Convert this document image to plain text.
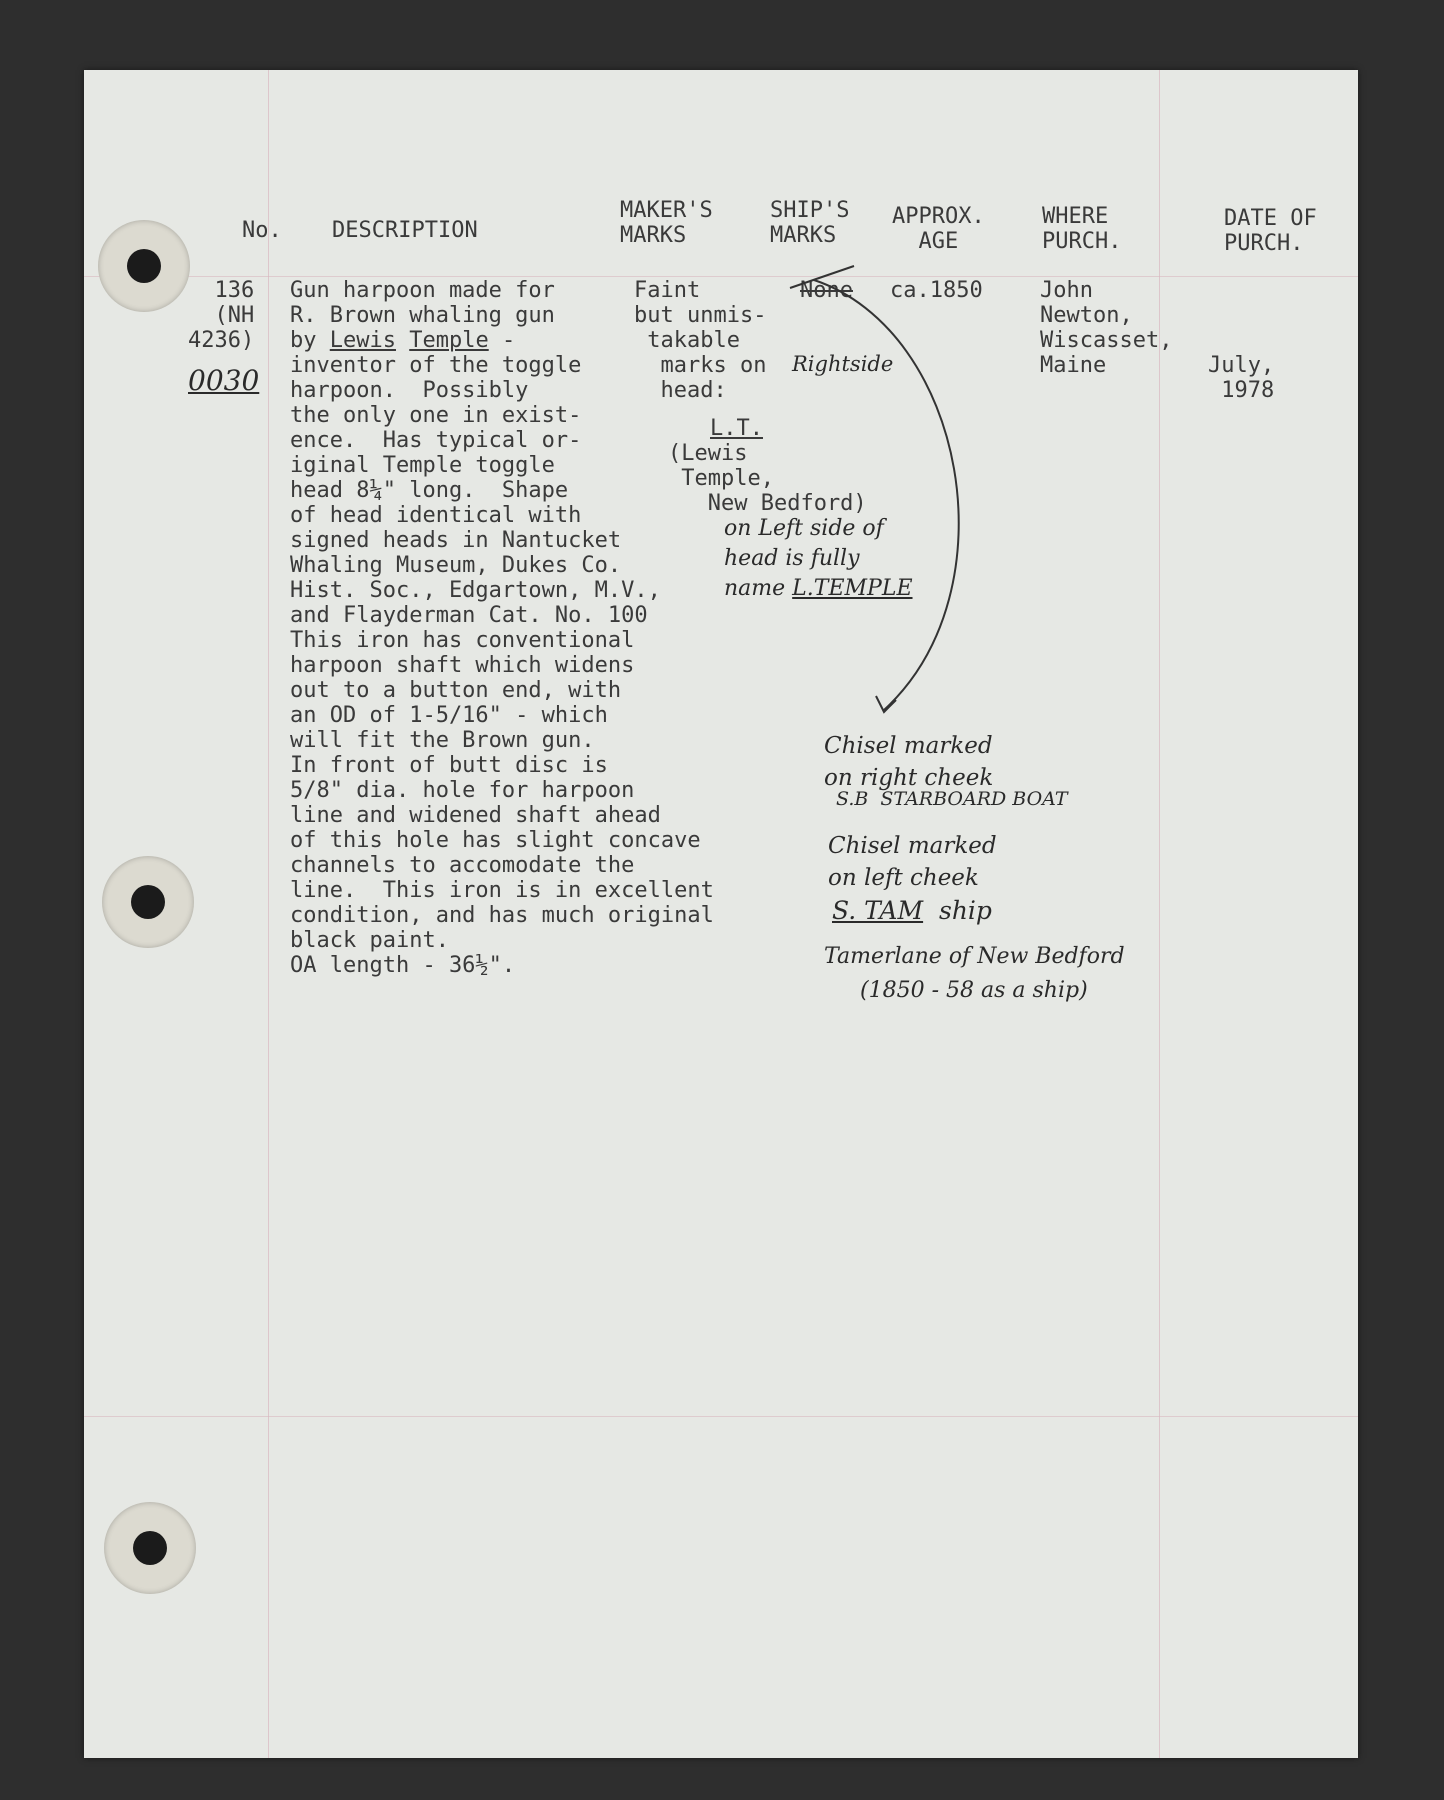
No. DESCRIPTION
MAKER'S
MARKS
SHIP'S
MARKS
APPROX.
AGE
WHERE
PURCH.
DATE OF
PURCH.
136
(NH
4236)
0030
Gun harpoon made for
R. Brown whaling gun
by Lewis Temple -
inventor of the toggle
harpoon.  Possibly
the only one in exist-
ence.  Has typical or-
iginal Temple toggle
head 8¼" long.  Shape
of head identical with
signed heads in Nantucket
Whaling Museum, Dukes Co.
Hist. Soc., Edgartown, M.V.,
and Flayderman Cat. No. 100
This iron has conventional
harpoon shaft which widens
out to a button end, with
an OD of 1-5/16" - which
will fit the Brown gun.
In front of butt disc is
5/8" dia. hole for harpoon
line and widened shaft ahead
of this hole has slight concave
channels to accomodate the
line.  This iron is in excellent
condition, and has much original
black paint.
OA length - 36½".
Faint
but unmis-
takable
marks on
head:
L.T.
(Lewis
Temple,
New Bedford)
None ca.1850	John
Newton,
Wiscasset,
Maine	July,
1978
Rightside
on Left side of
head is fully
name L.TEMPLE
Chisel marked
on right cheek
S.B  STARBOARD BOAT
Chisel marked
on left cheek
S. TAM  ship
Tamerlane of New Bedford
(1850 - 58 as a ship)
